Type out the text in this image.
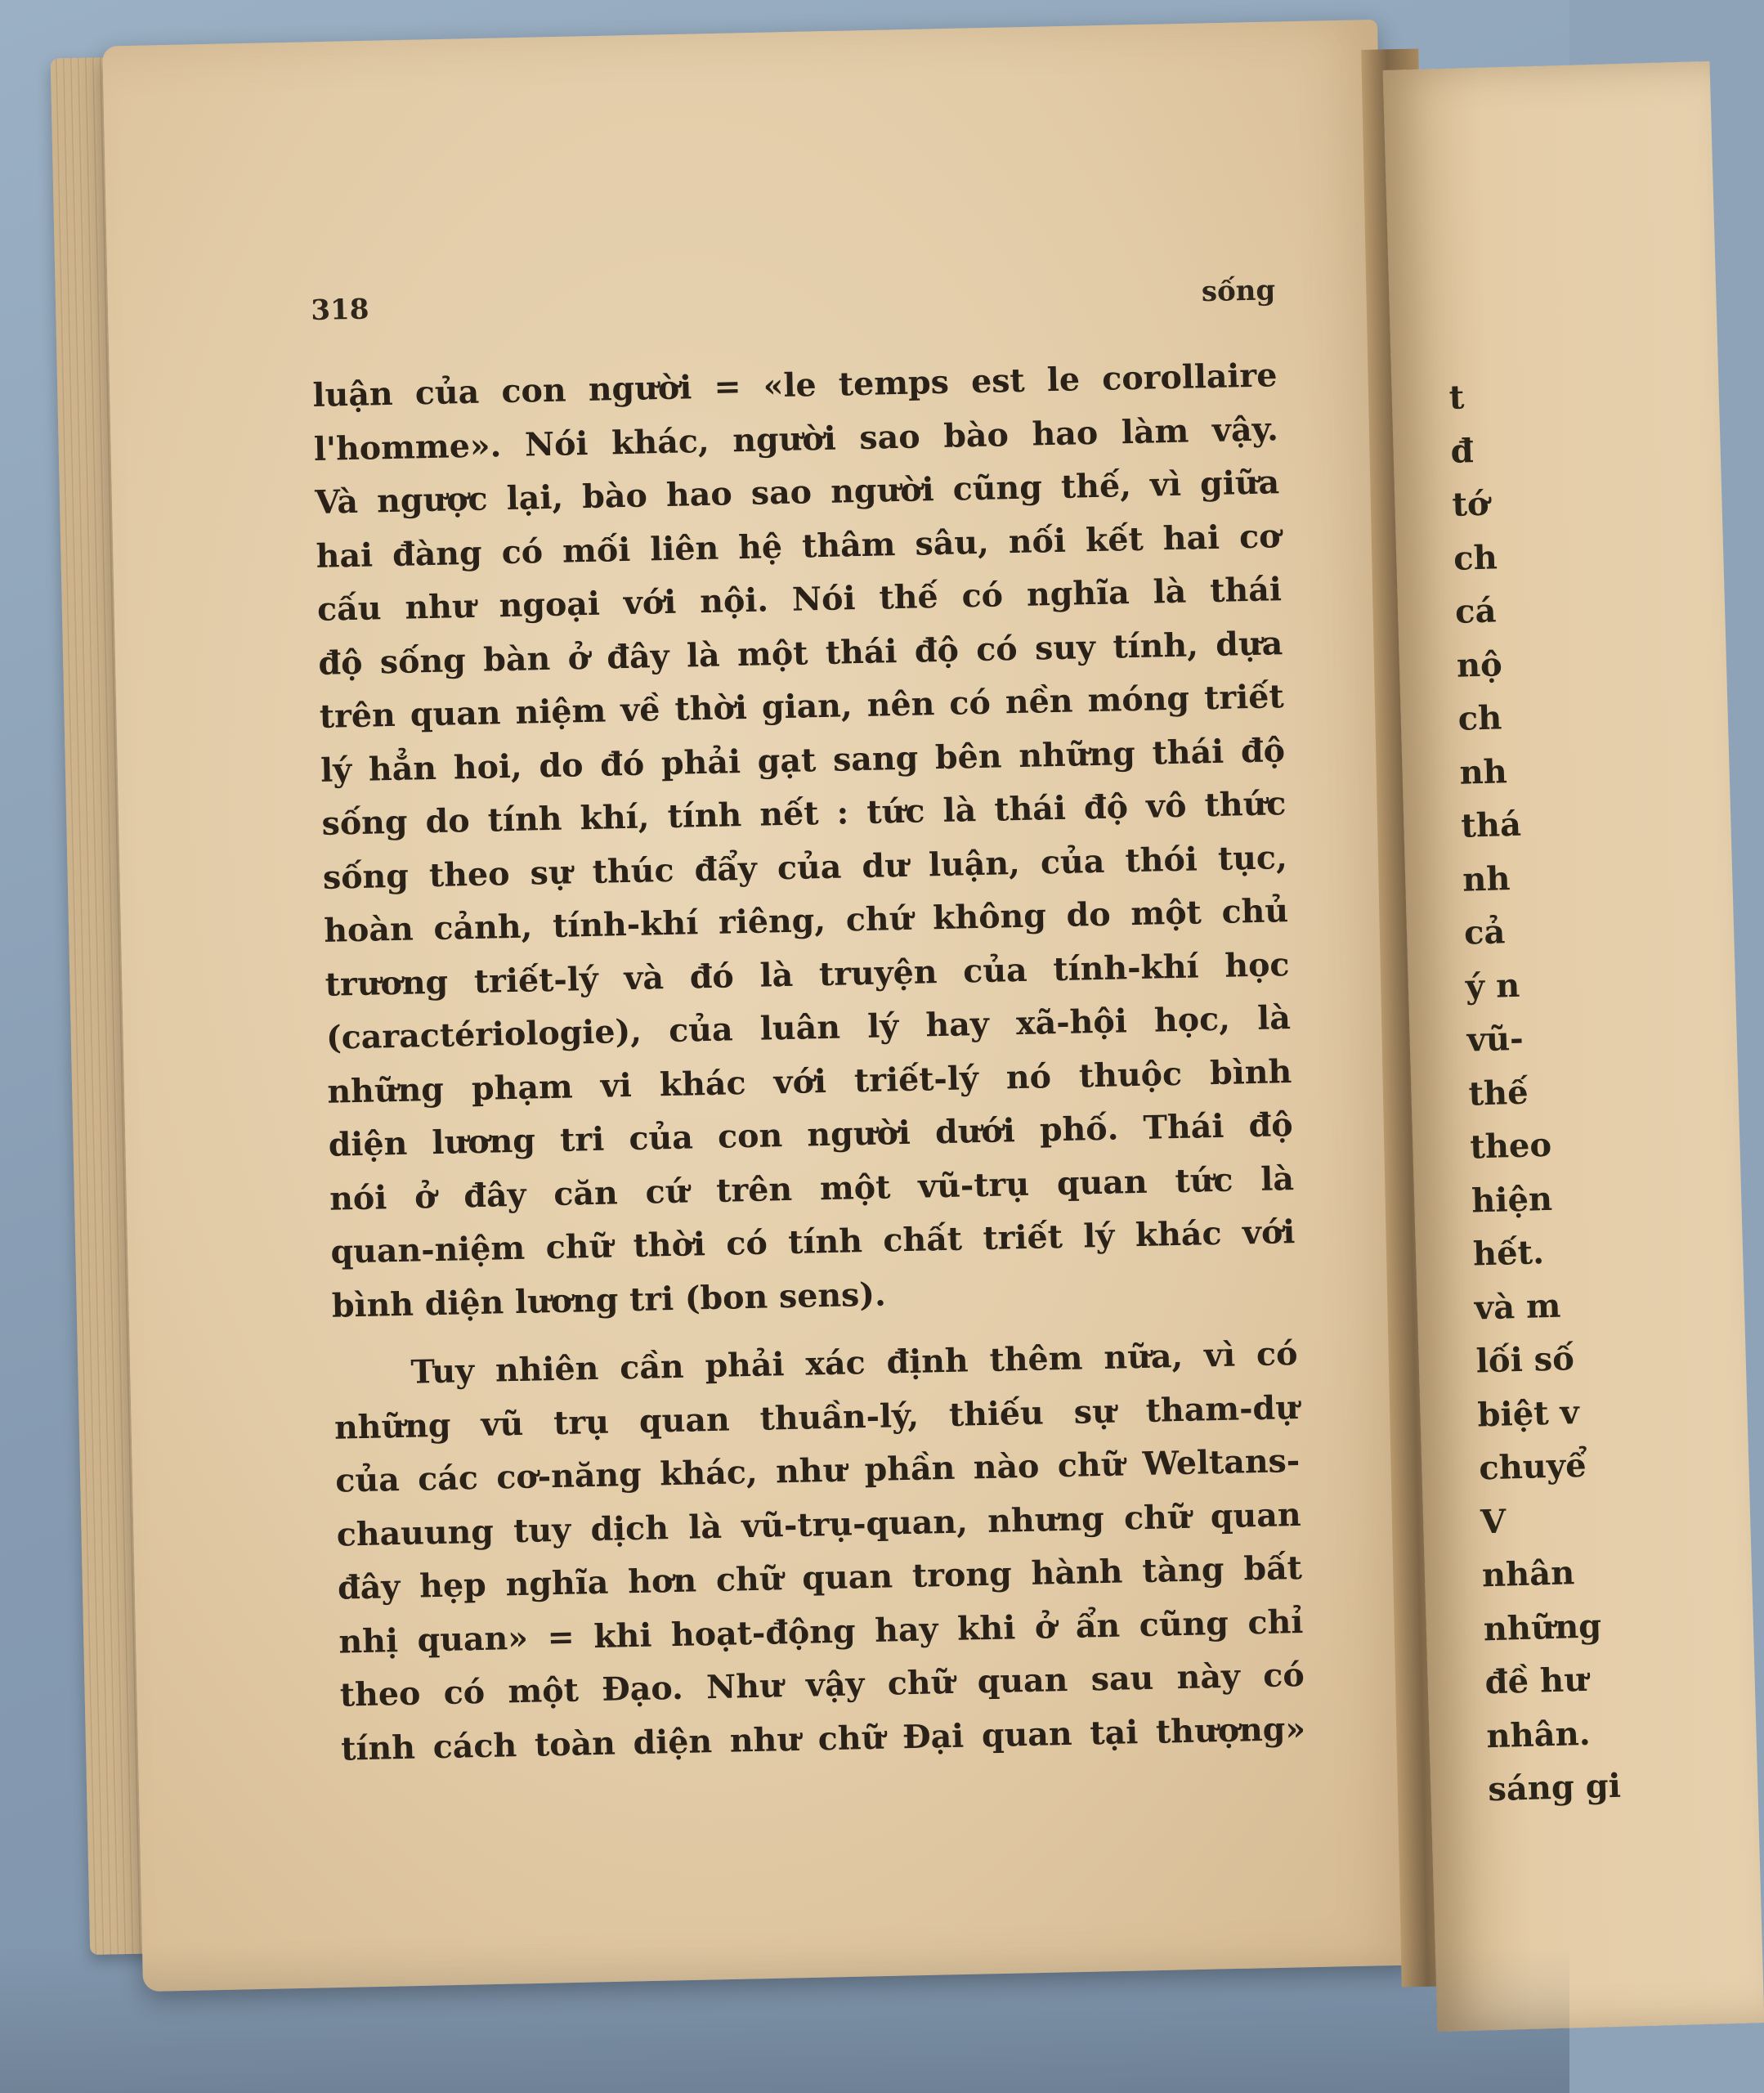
t
đ
tớ
ch
cá
nộ
ch
nh
thá
nh
cả
ý n
vũ-
thế
theo
hiện
hết.
và m
lối số
biệt v
chuyể
V
nhân
những
đề hư
nhân.
sáng gi
318
sống
luận của con người = «le temps est le corollaire
l'homme». Nói khác, người sao bào hao làm vậy.
Và ngược lại, bào hao sao người cũng thế, vì giữa
hai đàng có mối liên hệ thâm sâu, nối kết hai cơ
cấu như ngoại với nội. Nói thế có nghĩa là thái
độ sống bàn ở đây là một thái độ có suy tính, dựa
trên quan niệm về thời gian, nên có nền móng triết
lý hẳn hoi, do đó phải gạt sang bên những thái độ
sống do tính khí, tính nết : tức là thái độ vô thức
sống theo sự thúc đẩy của dư luận, của thói tục,
hoàn cảnh, tính-khí riêng, chứ không do một chủ
trương triết-lý và đó là truyện của tính-khí học
(caractériologie), của luân lý hay xã-hội học, là
những phạm vi khác với triết-lý nó thuộc bình
diện lương tri của con người dưới phố. Thái độ
nói ở đây căn cứ trên một vũ-trụ quan tức là
quan-niệm chữ thời có tính chất triết lý khác với
bình diện lương tri (bon sens).
Tuy nhiên cần phải xác định thêm nữa, vì có
những vũ trụ quan thuần-lý, thiếu sự tham-dự
của các cơ-năng khác, như phần nào chữ Weltans-
chauung tuy dịch là vũ-trụ-quan, nhưng chữ quan
đây hẹp nghĩa hơn chữ quan trong hành tàng bất
nhị quan» = khi hoạt-động hay khi ở ẩn cũng chỉ
theo có một Đạo. Như vậy chữ quan sau này có
tính cách toàn diện như chữ Đại quan tại thượng»
